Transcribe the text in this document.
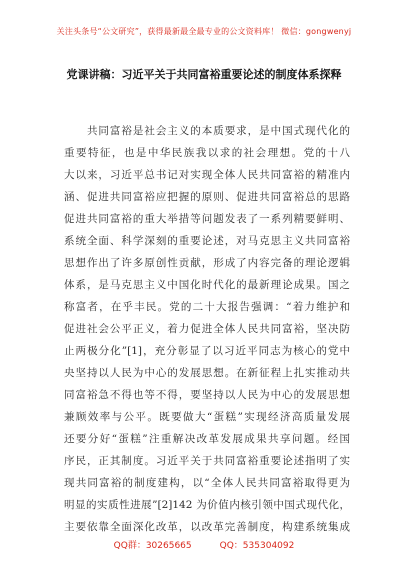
关注头条号“公文研究”，获得最新最全最专业的公文资料库！ 微信：gongwenyj
党课讲稿：习近平关于共同富裕重要论述的制度体系探释
　　共同富裕是社会主义的本质要求，是中国式现代化的
重要特征，也是中华民族我以求的社会理想。党的十八
大以来，习近平总书记对实现全体人民共同富裕的精准内
涵、促进共同富裕应把握的原则、促进共同富裕总的思路
促进共同富裕的重大举措等问题发表了一系列精要鲜明、
系统全面、科学深刻的重要论述，对马克思主义共同富裕
思想作出了许多原创性贡献，形成了内容完备的理论逻辑
体系，是马克思主义中国化时代化的最新理论成果。国之
称富者，在乎丰民。党的二十大报告强调：“着力维护和
促进社会公平正义，着力促进全体人民共同富裕，坚决防
止两极分化”[1]，充分彰显了以习近平同志为核心的党中
央坚持以人民为中心的发展思想。在新征程上扎实推动共
同富裕急不得也等不得，要坚持以人民为中心的发展思想
兼顾效率与公平。既要做大“蛋糕”实现经济高质量发展
还要分好“蛋糕”注重解决改革发展成果共享问题。经国
序民，正其制度。习近平关于共同富裕重要论述指明了实
现共同富裕的制度建构，以“全体人民共同富裕取得更为
明显的实质性进展”[2]142 为价值内核引领中国式现代化，
主要依靠全面深化改革，以改革完善制度，构建系统集成
QQ群：30265665	QQ：535304092
